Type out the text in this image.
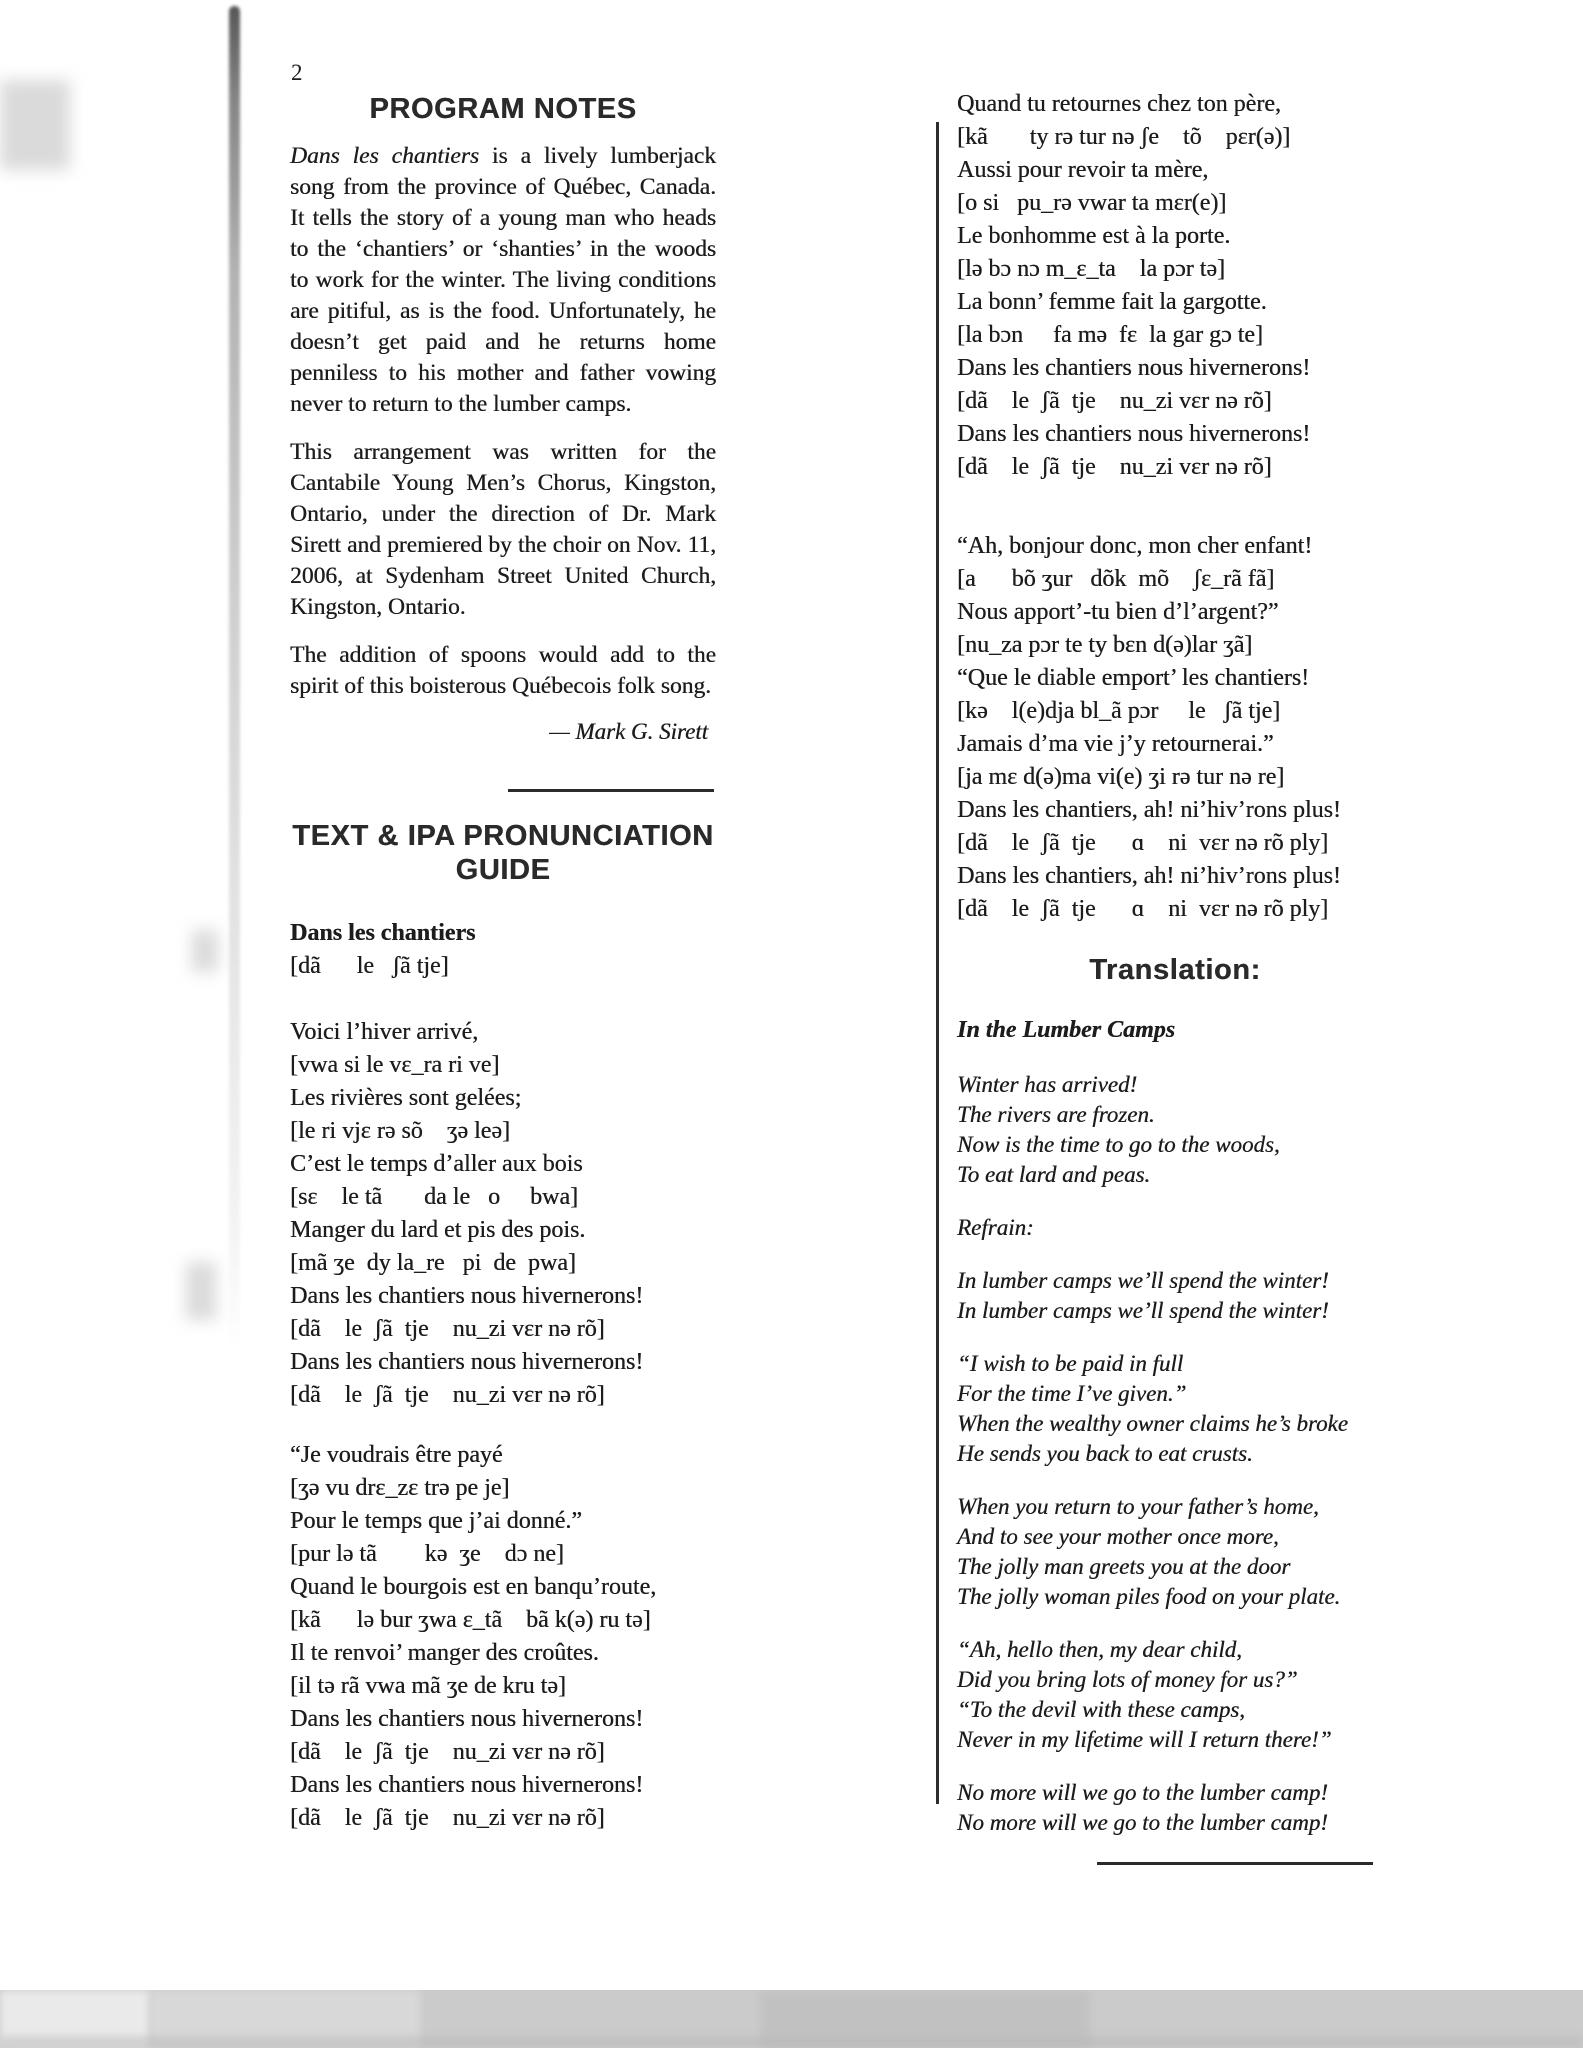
2
PROGRAM NOTES

Dans les chantiers is a lively lumberjack song from the province of Québec, Canada. It tells the story of a young man who heads to the ‘chantiers’ or ‘shanties’ in the woods to work for the winter. The living conditions are pitiful, as is the food. Unfortunately, he doesn’t get paid and he returns home penniless to his mother and father vowing never to return to the lumber camps.

This arrangement was written for the Cantabile Young Men’s Chorus, Kingston, Ontario, under the direction of Dr. Mark Sirett and premiered by the choir on Nov. 11, 2006, at Sydenham Street United Church, Kingston, Ontario.

The addition of spoons would add to the spirit of this boisterous Québecois folk song.

— Mark G. Sirett
TEXT & IPA PRONUNCIATION
GUIDE
Dans les chantiers
[dã      le   ʃã tje]
Voici l’hiver arrivé,
[vwa si le vɛ_ra ri ve]
Les rivières sont gelées;
[le ri vjɛ rə sõ    ʒə leə]
C’est le temps d’aller aux bois
[sɛ    le tã       da le   o     bwa]
Manger du lard et pis des pois.
[mã ʒe  dy la_re   pi  de  pwa]
Dans les chantiers nous hivernerons!
[dã    le  ʃã  tje    nu_zi vɛr nə rõ]
Dans les chantiers nous hivernerons!
[dã    le  ʃã  tje    nu_zi vɛr nə rõ]
“Je voudrais être payé
[ʒə vu drɛ_zɛ trə pe je]
Pour le temps que j’ai donné.”
[pur lə tã        kə  ʒe    dɔ ne]
Quand le bourgois est en banqu’route,
[kã      lə bur ʒwa ɛ_tã    bã k(ə) ru tə]
Il te renvoi’ manger des croûtes.
[il tə rã vwa mã ʒe de kru tə]
Dans les chantiers nous hivernerons!
[dã    le  ʃã  tje    nu_zi vɛr nə rõ]
Dans les chantiers nous hivernerons!
[dã    le  ʃã  tje    nu_zi vɛr nə rõ]
Quand tu retournes chez ton père,
[kã       ty rə tur nə ʃe    tõ    pɛr(ə)]
Aussi pour revoir ta mère,
[o si   pu_rə vwar ta mɛr(e)]
Le bonhomme est à la porte.
[lə bɔ nɔ m_ɛ_ta    la pɔr tə]
La bonn’ femme fait la gargotte.
[la bɔn     fa mə  fɛ  la gar gɔ te]
Dans les chantiers nous hivernerons!
[dã    le  ʃã  tje    nu_zi vɛr nə rõ]
Dans les chantiers nous hivernerons!
[dã    le  ʃã  tje    nu_zi vɛr nə rõ]
“Ah, bonjour donc, mon cher enfant!
[a      bõ ʒur   dõk  mõ    ʃɛ_rã fã]
Nous apport’-tu bien d’l’argent?”
[nu_za pɔr te ty bɛn d(ə)lar ʒã]
“Que le diable emport’ les chantiers!
[kə    l(e)dja bl_ã pɔr     le   ʃã tje]
Jamais d’ma vie j’y retournerai.”
[ja mɛ d(ə)ma vi(e) ʒi rə tur nə re]
Dans les chantiers, ah! ni’hiv’rons plus!
[dã    le  ʃã  tje      ɑ    ni  vɛr nə rõ ply]
Dans les chantiers, ah! ni’hiv’rons plus!
[dã    le  ʃã  tje      ɑ    ni  vɛr nə rõ ply]
Translation:
In the Lumber Camps
Winter has arrived!
The rivers are frozen.
Now is the time to go to the woods,
To eat lard and peas.
Refrain:
In lumber camps we’ll spend the winter!
In lumber camps we’ll spend the winter!
“I wish to be paid in full
For the time I’ve given.”
When the wealthy owner claims he’s broke
He sends you back to eat crusts.
When you return to your father’s home,
And to see your mother once more,
The jolly man greets you at the door
The jolly woman piles food on your plate.
“Ah, hello then, my dear child,
Did you bring lots of money for us?”
“To the devil with these camps,
Never in my lifetime will I return there!”
No more will we go to the lumber camp!
No more will we go to the lumber camp!
